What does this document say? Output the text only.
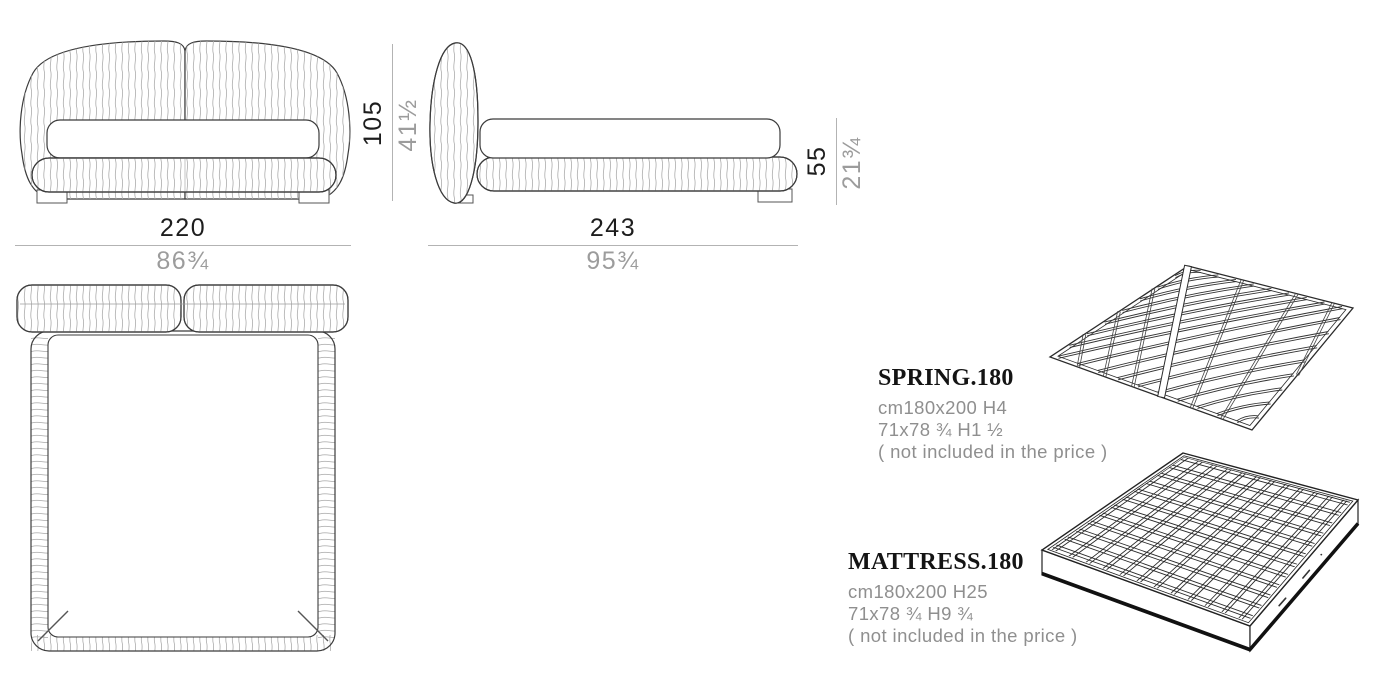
220
86¾
243
95¾
105 41½
55 21¾
SPRING.180
cm180x200 H4
71x78 ¾ H1 ½
( not included in the price )
MATTRESS.180
cm180x200 H25
71x78 ¾ H9 ¾
( not included in the price )
